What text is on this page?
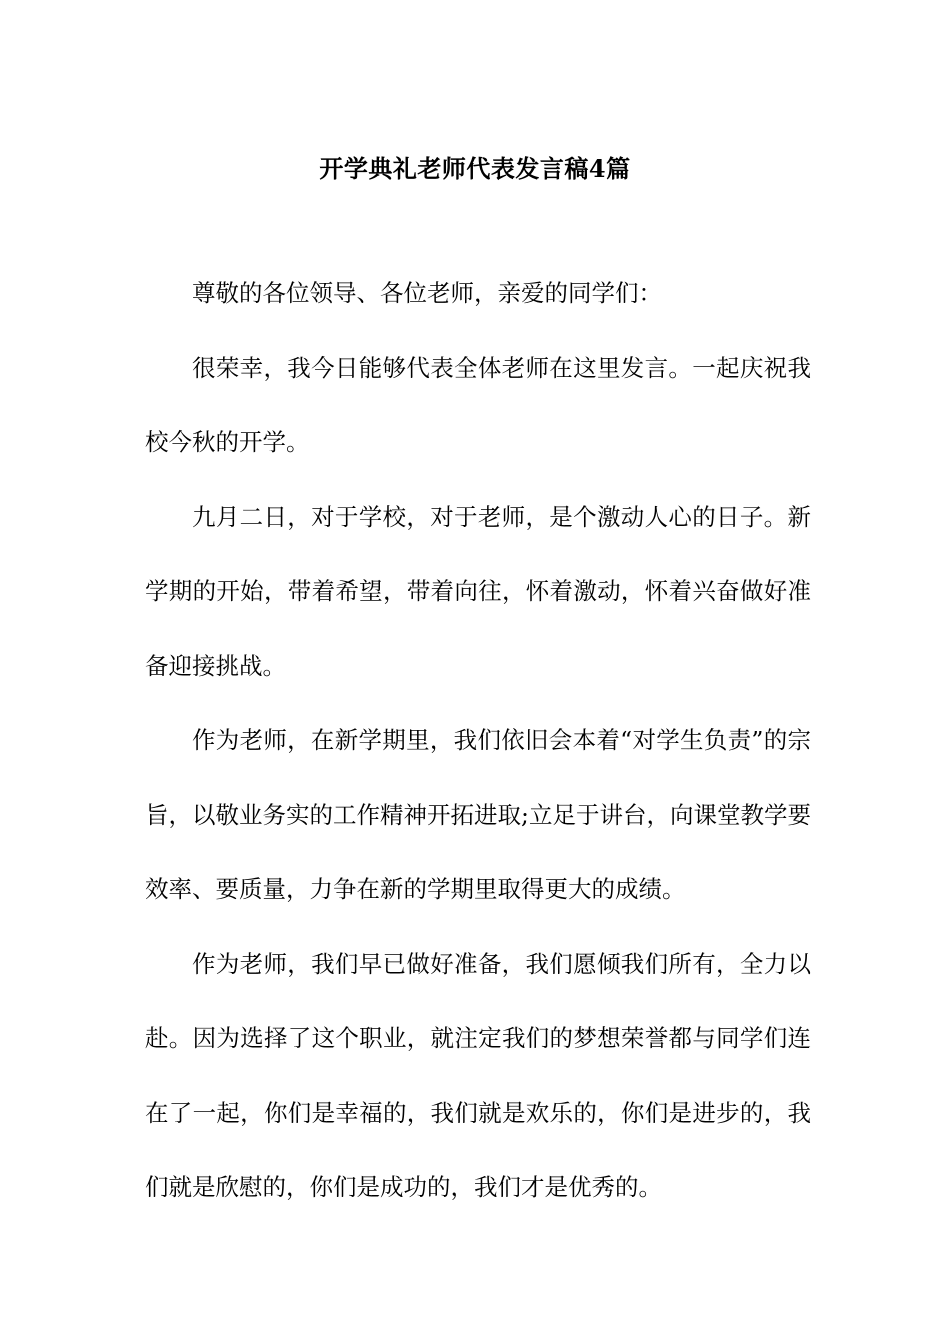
开学典礼老师代表发言稿4篇

尊敬的各位领导、各位老师，亲爱的同学们：

很荣幸，我今日能够代表全体老师在这里发言。一起庆祝我校今秋的开学。

九月二日，对于学校，对于老师，是个激动人心的日子。新学期的开始，带着希望，带着向往，怀着激动，怀着兴奋做好准备迎接挑战。

作为老师，在新学期里，我们依旧会本着“对学生负责”的宗旨，以敬业务实的工作精神开拓进取;立足于讲台，向课堂教学要效率、要质量，力争在新的学期里取得更大的成绩。

作为老师，我们早已做好准备，我们愿倾我们所有，全力以赴。因为选择了这个职业，就注定我们的梦想荣誉都与同学们连在了一起，你们是幸福的，我们就是欢乐的，你们是进步的，我们就是欣慰的，你们是成功的，我们才是优秀的。
